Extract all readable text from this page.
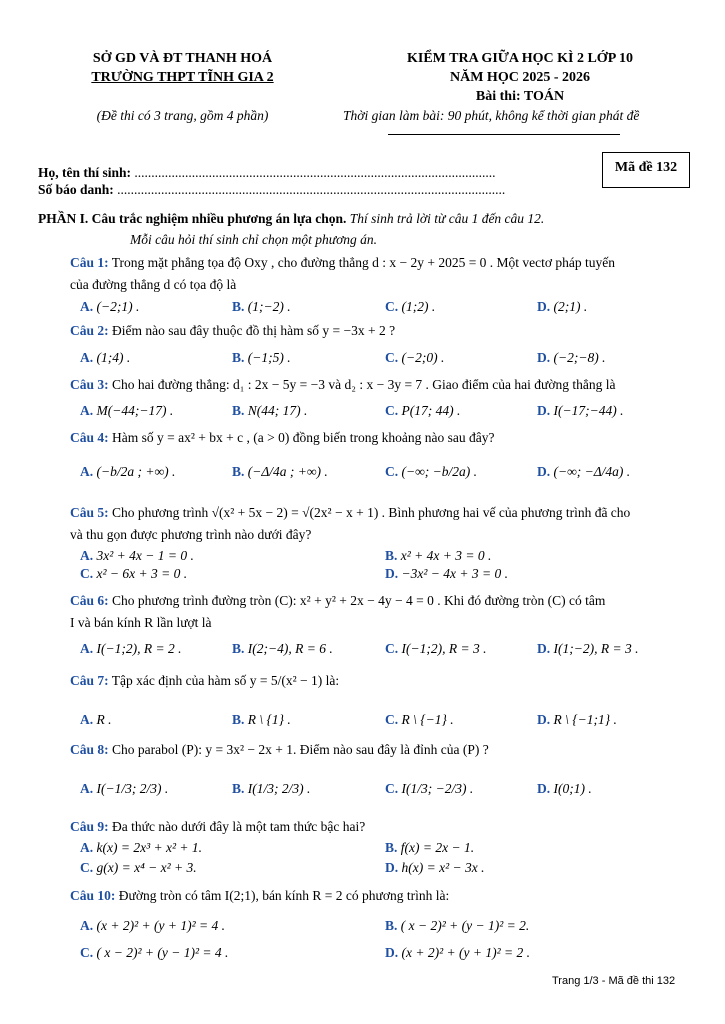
SỞ GD VÀ ĐT THANH HOÁ
TRƯỜNG THPT TĨNH GIA 2
(Đề thi có 3 trang, gồm 4 phần)
KIỂM TRA GIỮA HỌC KÌ 2 LỚP 10
NĂM HỌC 2025 - 2026
Bài thi: TOÁN
Thời gian làm bài: 90 phút, không kể thời gian phát đề
Họ, tên thí sinh: ...........................................................................................................
Số báo danh: ...................................................................................................................
Mã đề 132
PHẦN I. Câu trắc nghiệm nhiều phương án lựa chọn. Thí sinh trả lời từ câu 1 đến câu 12.
Mỗi câu hỏi thí sinh chỉ chọn một phương án.
Câu 1: Trong mặt phẳng tọa độ Oxy , cho đường thẳng d : x − 2y + 2025 = 0 . Một vectơ pháp tuyến
của đường thẳng d có tọa độ là
A. (−2;1) .	B. (1;−2) .	C. (1;2) .	D. (2;1) .
Câu 2: Điểm nào sau đây thuộc đồ thị hàm số y = −3x + 2 ?
A. (1;4) .	B. (−1;5) .	C. (−2;0) .	D. (−2;−8) .
Câu 3: Cho hai đường thẳng: d₁ : 2x − 5y = −3 và d₂ : x − 3y = 7 . Giao điểm của hai đường thẳng là
A. M(−44;−17) .	B. N(44; 17) .	C. P(17; 44) .	D. I(−17;−44) .
Câu 4: Hàm số y = ax² + bx + c , (a > 0) đồng biến trong khoảng nào sau đây?
A. (−b/2a ; +∞) .	B. (−Δ/4a ; +∞) .	C. (−∞; −b/2a) .	D. (−∞; −Δ/4a) .
Câu 5: Cho phương trình √(x² + 5x − 2) = √(2x² − x + 1) . Bình phương hai vế của phương trình đã cho
và thu gọn được phương trình nào dưới đây?
A. 3x² + 4x − 1 = 0 .	B. x² + 4x + 3 = 0 .
C. x² − 6x + 3 = 0 .	D. −3x² − 4x + 3 = 0 .
Câu 6: Cho phương trình đường tròn (C): x² + y² + 2x − 4y − 4 = 0 . Khi đó đường tròn (C) có tâm
I và bán kính R lần lượt là
A. I(−1;2), R = 2 .	B. I(2;−4), R = 6 .	C. I(−1;2), R = 3 .	D. I(1;−2), R = 3 .
Câu 7: Tập xác định của hàm số y = 5/(x² − 1) là:
A. R .	B. R \ {1} .	C. R \ {−1} .	D. R \ {−1;1} .
Câu 8: Cho parabol (P): y = 3x² − 2x + 1. Điểm nào sau đây là đỉnh của (P) ?
A. I(−1/3; 2/3) .	B. I(1/3; 2/3) .	C. I(1/3; −2/3) .	D. I(0;1) .
Câu 9: Đa thức nào dưới đây là một tam thức bậc hai?
A. k(x) = 2x³ + x² + 1.	B. f(x) = 2x − 1.
C. g(x) = x⁴ − x² + 3.	D. h(x) = x² − 3x .
Câu 10: Đường tròn có tâm I(2;1), bán kính R = 2 có phương trình là:
A. (x + 2)² + (y + 1)² = 4 .	B. ( x − 2)² + (y − 1)² = 2.
C. ( x − 2)² + (y − 1)² = 4 .	D. (x + 2)² + (y + 1)² = 2 .
Trang 1/3 - Mã đề thi 132
